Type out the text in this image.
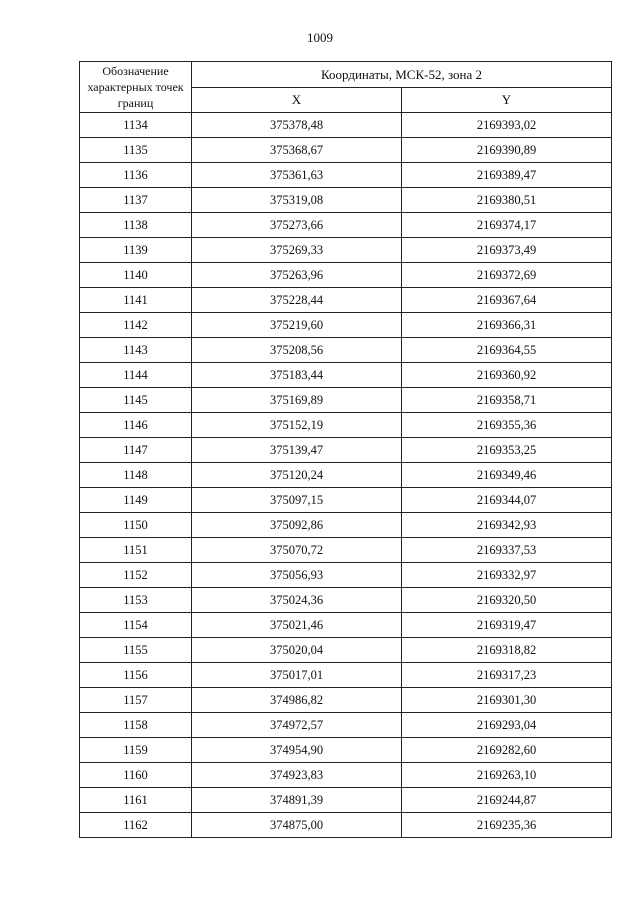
1009
Обозначение характерных точек границ	Координаты, МСК-52, зона 2	
	X	Y
1134	375378,48	2169393,02
1135	375368,67	2169390,89
1136	375361,63	2169389,47
1137	375319,08	2169380,51
1138	375273,66	2169374,17
1139	375269,33	2169373,49
1140	375263,96	2169372,69
1141	375228,44	2169367,64
1142	375219,60	2169366,31
1143	375208,56	2169364,55
1144	375183,44	2169360,92
1145	375169,89	2169358,71
1146	375152,19	2169355,36
1147	375139,47	2169353,25
1148	375120,24	2169349,46
1149	375097,15	2169344,07
1150	375092,86	2169342,93
1151	375070,72	2169337,53
1152	375056,93	2169332,97
1153	375024,36	2169320,50
1154	375021,46	2169319,47
1155	375020,04	2169318,82
1156	375017,01	2169317,23
1157	374986,82	2169301,30
1158	374972,57	2169293,04
1159	374954,90	2169282,60
1160	374923,83	2169263,10
1161	374891,39	2169244,87
1162	374875,00	2169235,36
